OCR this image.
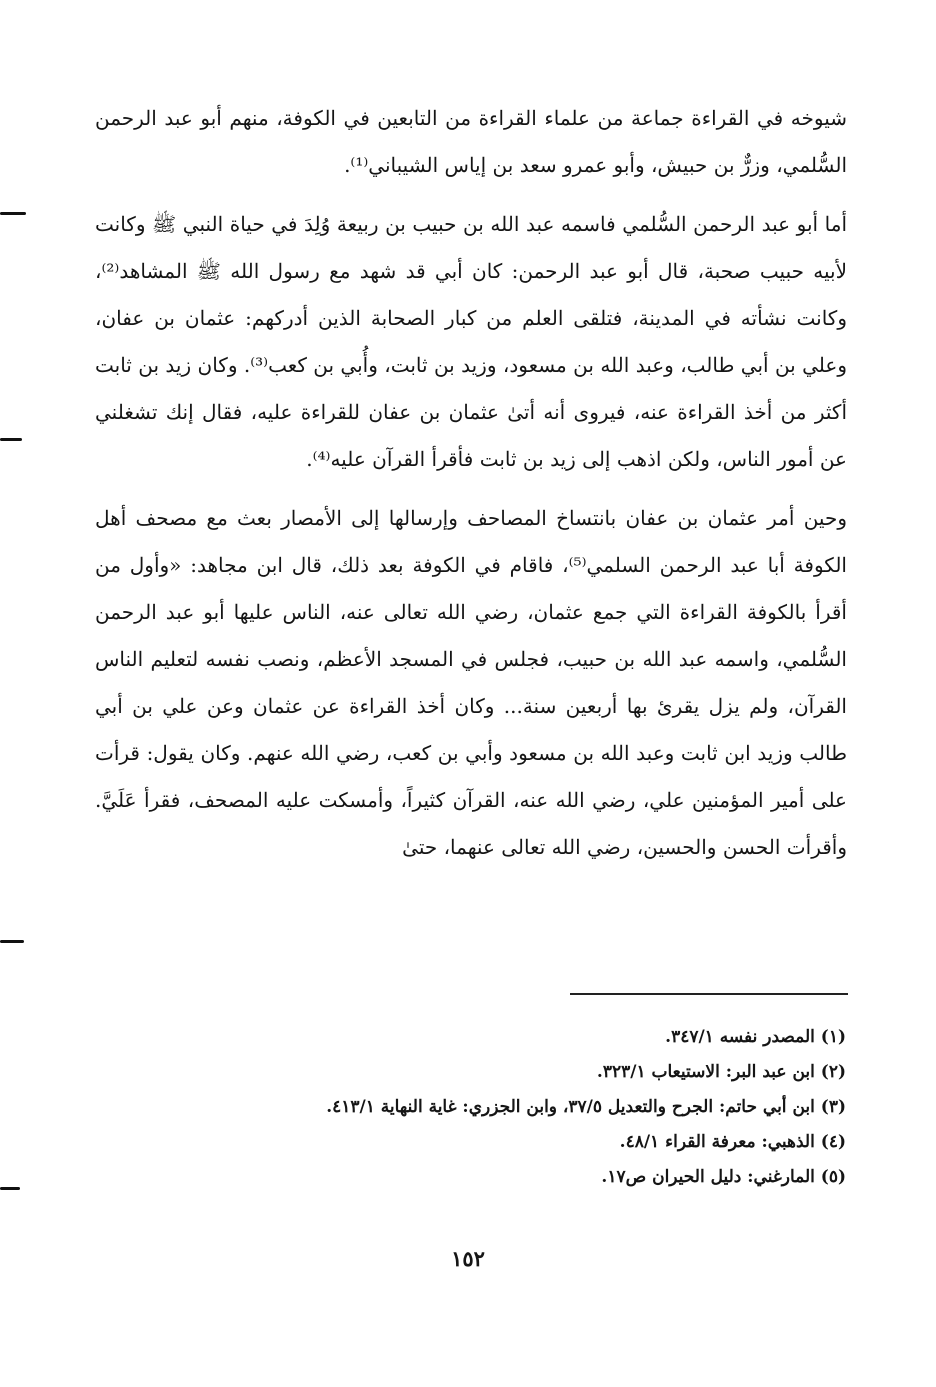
شيوخه في القراءة جماعة من علماء القراءة من التابعين في الكوفة، منهم أبو عبد الرحمن السُّلمي، وزرٌّ بن حبيش، وأبو عمرو سعد بن إياس الشيباني⁽¹⁾.

أما أبو عبد الرحمن السُّلمي فاسمه عبد الله بن حبيب بن ربيعة وُلِدَ في حياة النبي ﷺ وكانت لأبيه حبيب صحبة، قال أبو عبد الرحمن: كان أبي قد شهد مع رسول الله ﷺ المشاهد⁽²⁾، وكانت نشأته في المدينة، فتلقى العلم من كبار الصحابة الذين أدركهم: عثمان بن عفان، وعلي بن أبي طالب، وعبد الله بن مسعود، وزيد بن ثابت، وأُبي بن كعب⁽³⁾. وكان زيد بن ثابت أكثر من أخذ القراءة عنه، فيروى أنه أتىٰ عثمان بن عفان للقراءة عليه، فقال إنك تشغلني عن أمور الناس، ولكن اذهب إلى زيد بن ثابت فأقرأ القرآن عليه⁽⁴⁾.

وحين أمر عثمان بن عفان بانتساخ المصاحف وإرسالها إلى الأمصار بعث مع مصحف أهل الكوفة أبا عبد الرحمن السلمي⁽⁵⁾، فاقام في الكوفة بعد ذلك، قال ابن مجاهد: «وأول من أقرأ بالكوفة القراءة التي جمع عثمان، رضي الله تعالى عنه، الناس عليها أبو عبد الرحمن السُّلمي، واسمه عبد الله بن حبيب، فجلس في المسجد الأعظم، ونصب نفسه لتعليم الناس القرآن، ولم يزل يقرئ بها أربعين سنة... وكان أخذ القراءة عن عثمان وعن علي بن أبي طالب وزيد ابن ثابت وعبد الله بن مسعود وأبي بن كعب، رضي الله عنهم. وكان يقول: قرأت على أمير المؤمنين علي، رضي الله عنه، القرآن كثيراً، وأمسكت عليه المصحف، فقرأ عَلَيَّ. وأقرأت الحسن والحسين، رضي الله تعالى عنهما، حتىٰ

(١) المصدر نفسه ٣٤٧/١.
(٢) ابن عبد البر: الاستيعاب ٣٢٣/١.
(٣) ابن أبي حاتم: الجرح والتعديل ٣٧/٥، وابن الجزري: غاية النهاية ٤١٣/١.
(٤) الذهبي: معرفة القراء ٤٨/١.
(٥) المارغني: دليل الحيران ص١٧.
١٥٢
